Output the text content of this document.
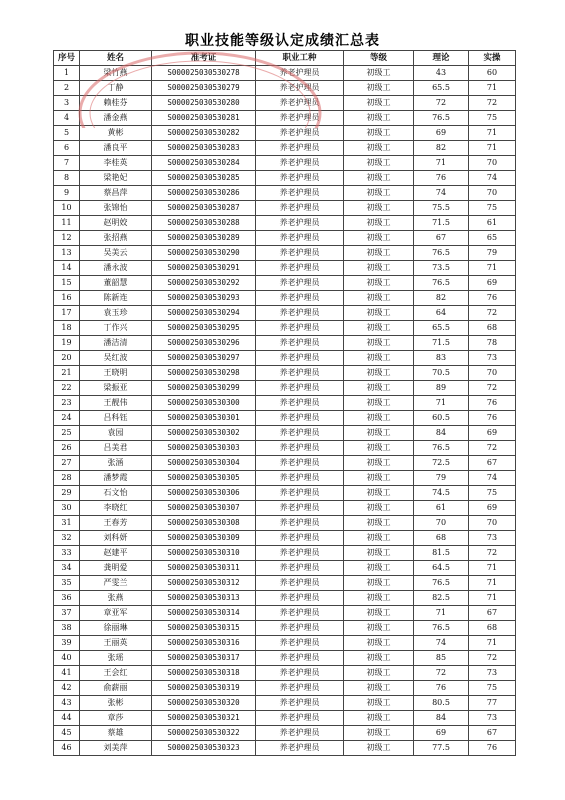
职业技能等级认定成绩汇总表
序号	姓名	准考证	职业工种	等级	理论	实操
1	梁竹燕	S000025030530278	养老护理员	初级工	43	60
2	丁静	S000025030530279	养老护理员	初级工	65.5	71
3	赖桂芬	S000025030530280	养老护理员	初级工	72	72
4	潘金燕	S000025030530281	养老护理员	初级工	76.5	75
5	黄彬	S000025030530282	养老护理员	初级工	69	71
6	潘良平	S000025030530283	养老护理员	初级工	82	71
7	李桂英	S000025030530284	养老护理员	初级工	71	70
8	梁艳妃	S000025030530285	养老护理员	初级工	76	74
9	蔡昌萍	S000025030530286	养老护理员	初级工	74	70
10	张锦怡	S000025030530287	养老护理员	初级工	75.5	75
11	赵明姣	S000025030530288	养老护理员	初级工	71.5	61
12	张招燕	S000025030530289	养老护理员	初级工	67	65
13	吴美云	S000025030530290	养老护理员	初级工	76.5	79
14	潘永波	S000025030530291	养老护理员	初级工	73.5	71
15	董韶慧	S000025030530292	养老护理员	初级工	76.5	69
16	陈新连	S000025030530293	养老护理员	初级工	82	76
17	袁玉珍	S000025030530294	养老护理员	初级工	64	72
18	丁作兴	S000025030530295	养老护理员	初级工	65.5	68
19	潘洁清	S000025030530296	养老护理员	初级工	71.5	78
20	吴红波	S000025030530297	养老护理员	初级工	83	73
21	王晓明	S000025030530298	养老护理员	初级工	70.5	70
22	梁振亚	S000025030530299	养老护理员	初级工	89	72
23	王靓伟	S000025030530300	养老护理员	初级工	71	76
24	吕科钰	S000025030530301	养老护理员	初级工	60.5	76
25	袁园	S000025030530302	养老护理员	初级工	84	69
26	吕美君	S000025030530303	养老护理员	初级工	76.5	72
27	张涵	S000025030530304	养老护理员	初级工	72.5	67
28	潘梦霞	S000025030530305	养老护理员	初级工	79	74
29	石文怡	S000025030530306	养老护理员	初级工	74.5	75
30	李晓红	S000025030530307	养老护理员	初级工	61	69
31	王春芳	S000025030530308	养老护理员	初级工	70	70
32	刘科妍	S000025030530309	养老护理员	初级工	68	73
33	赵建平	S000025030530310	养老护理员	初级工	81.5	72
34	龚明爱	S000025030530311	养老护理员	初级工	64.5	71
35	严雯兰	S000025030530312	养老护理员	初级工	76.5	71
36	张燕	S000025030530313	养老护理员	初级工	82.5	71
37	章亚军	S000025030530314	养老护理员	初级工	71	67
38	徐丽琳	S000025030530315	养老护理员	初级工	76.5	68
39	王丽英	S000025030530316	养老护理员	初级工	74	71
40	张瑶	S000025030530317	养老护理员	初级工	85	72
41	王会红	S000025030530318	养老护理员	初级工	72	73
42	俞薪丽	S000025030530319	养老护理员	初级工	76	75
43	张彬	S000025030530320	养老护理员	初级工	80.5	77
44	章莎	S000025030530321	养老护理员	初级工	84	73
45	蔡雄	S000025030530322	养老护理员	初级工	69	67
46	刘美萍	S000025030530323	养老护理员	初级工	77.5	76
